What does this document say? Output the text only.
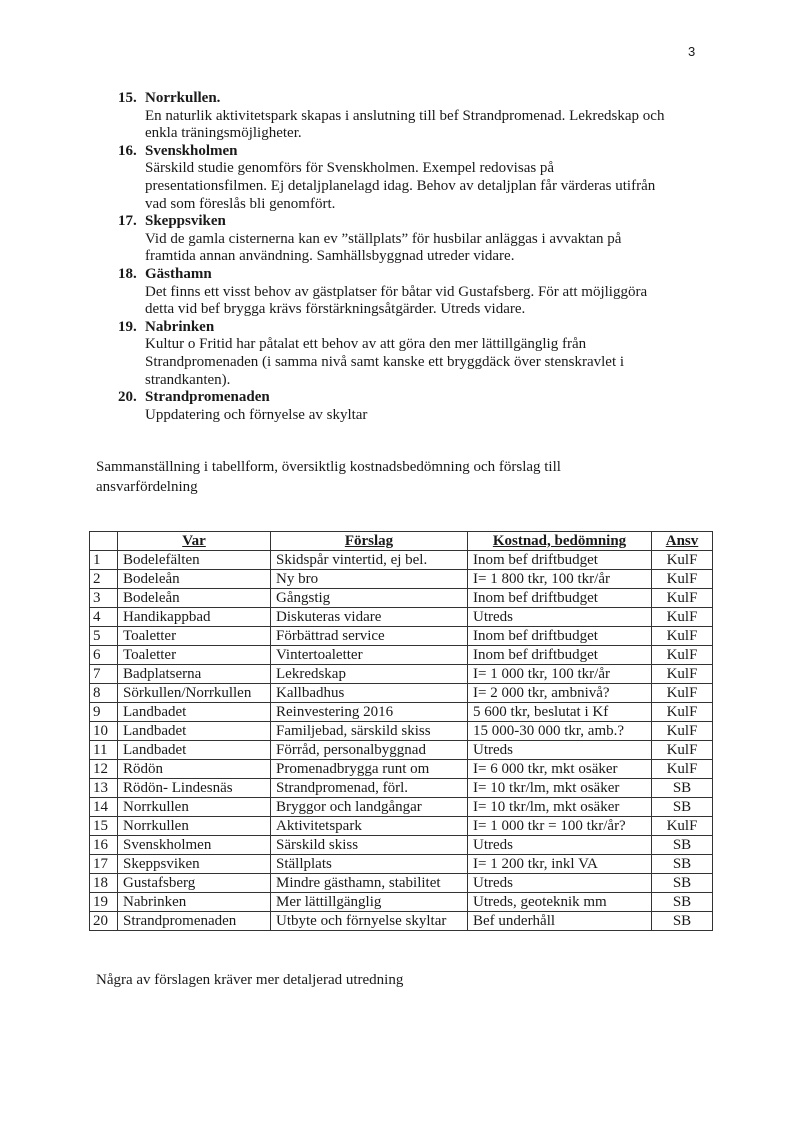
3
15. Norrkullen.
En naturlik aktivitetspark skapas i anslutning till bef Strandpromenad. Lekredskap och
enkla träningsmöjligheter.
16. Svenskholmen
Särskild studie genomförs för Svenskholmen. Exempel redovisas på
presentationsfilmen. Ej detaljplanelagd idag. Behov av detaljplan får värderas utifrån
vad som föreslås bli genomfört.
17. Skeppsviken
Vid de gamla cisternerna kan ev ”ställplats” för husbilar anläggas i avvaktan på
framtida annan användning. Samhällsbyggnad utreder vidare.
18. Gästhamn
Det finns ett visst behov av gästplatser för båtar vid Gustafsberg. För att möjliggöra
detta vid bef brygga krävs förstärkningsåtgärder. Utreds vidare.
19. Nabrinken
Kultur o Fritid har påtalat ett behov av att göra den mer lättillgänglig från
Strandpromenaden (i samma nivå samt kanske ett bryggdäck över stenskravlet i
strandkanten).
20. Strandpromenaden
Uppdatering och förnyelse av skyltar
Sammanställning i tabellform, översiktlig kostnadsbedömning och förslag till
ansvarfördelning
	Var	Förslag	Kostnad, bedömning	Ansv
1	Bodelefälten	Skidspår vintertid, ej bel.	Inom bef driftbudget	KulF
2	Bodeleån	Ny bro	I= 1 800 tkr, 100 tkr/år	KulF
3	Bodeleån	Gångstig	Inom bef driftbudget	KulF
4	Handikappbad	Diskuteras vidare	Utreds	KulF
5	Toaletter	Förbättrad service	Inom bef driftbudget	KulF
6	Toaletter	Vintertoaletter	Inom bef driftbudget	KulF
7	Badplatserna	Lekredskap	I= 1 000 tkr, 100 tkr/år	KulF
8	Sörkullen/Norrkullen	Kallbadhus	I= 2 000 tkr, ambnivå?	KulF
9	Landbadet	Reinvestering 2016	5 600 tkr, beslutat i Kf	KulF
10	Landbadet	Familjebad, särskild skiss	15 000-30 000 tkr, amb.?	KulF
11	Landbadet	Förråd, personalbyggnad	Utreds	KulF
12	Rödön	Promenadbrygga runt om	I= 6 000 tkr, mkt osäker	KulF
13	Rödön- Lindesnäs	Strandpromenad, förl.	I= 10 tkr/lm, mkt osäker	SB
14	Norrkullen	Bryggor och landgångar	I= 10 tkr/lm, mkt osäker	SB
15	Norrkullen	Aktivitetspark	I= 1 000 tkr = 100 tkr/år?	KulF
16	Svenskholmen	Särskild skiss	Utreds	SB
17	Skeppsviken	Ställplats	I= 1 200 tkr, inkl VA	SB
18	Gustafsberg	Mindre gästhamn, stabilitet	Utreds	SB
19	Nabrinken	Mer lättillgänglig	Utreds, geoteknik mm	SB
20	Strandpromenaden	Utbyte och förnyelse skyltar	Bef underhåll	SB
Några av förslagen kräver mer detaljerad utredning
